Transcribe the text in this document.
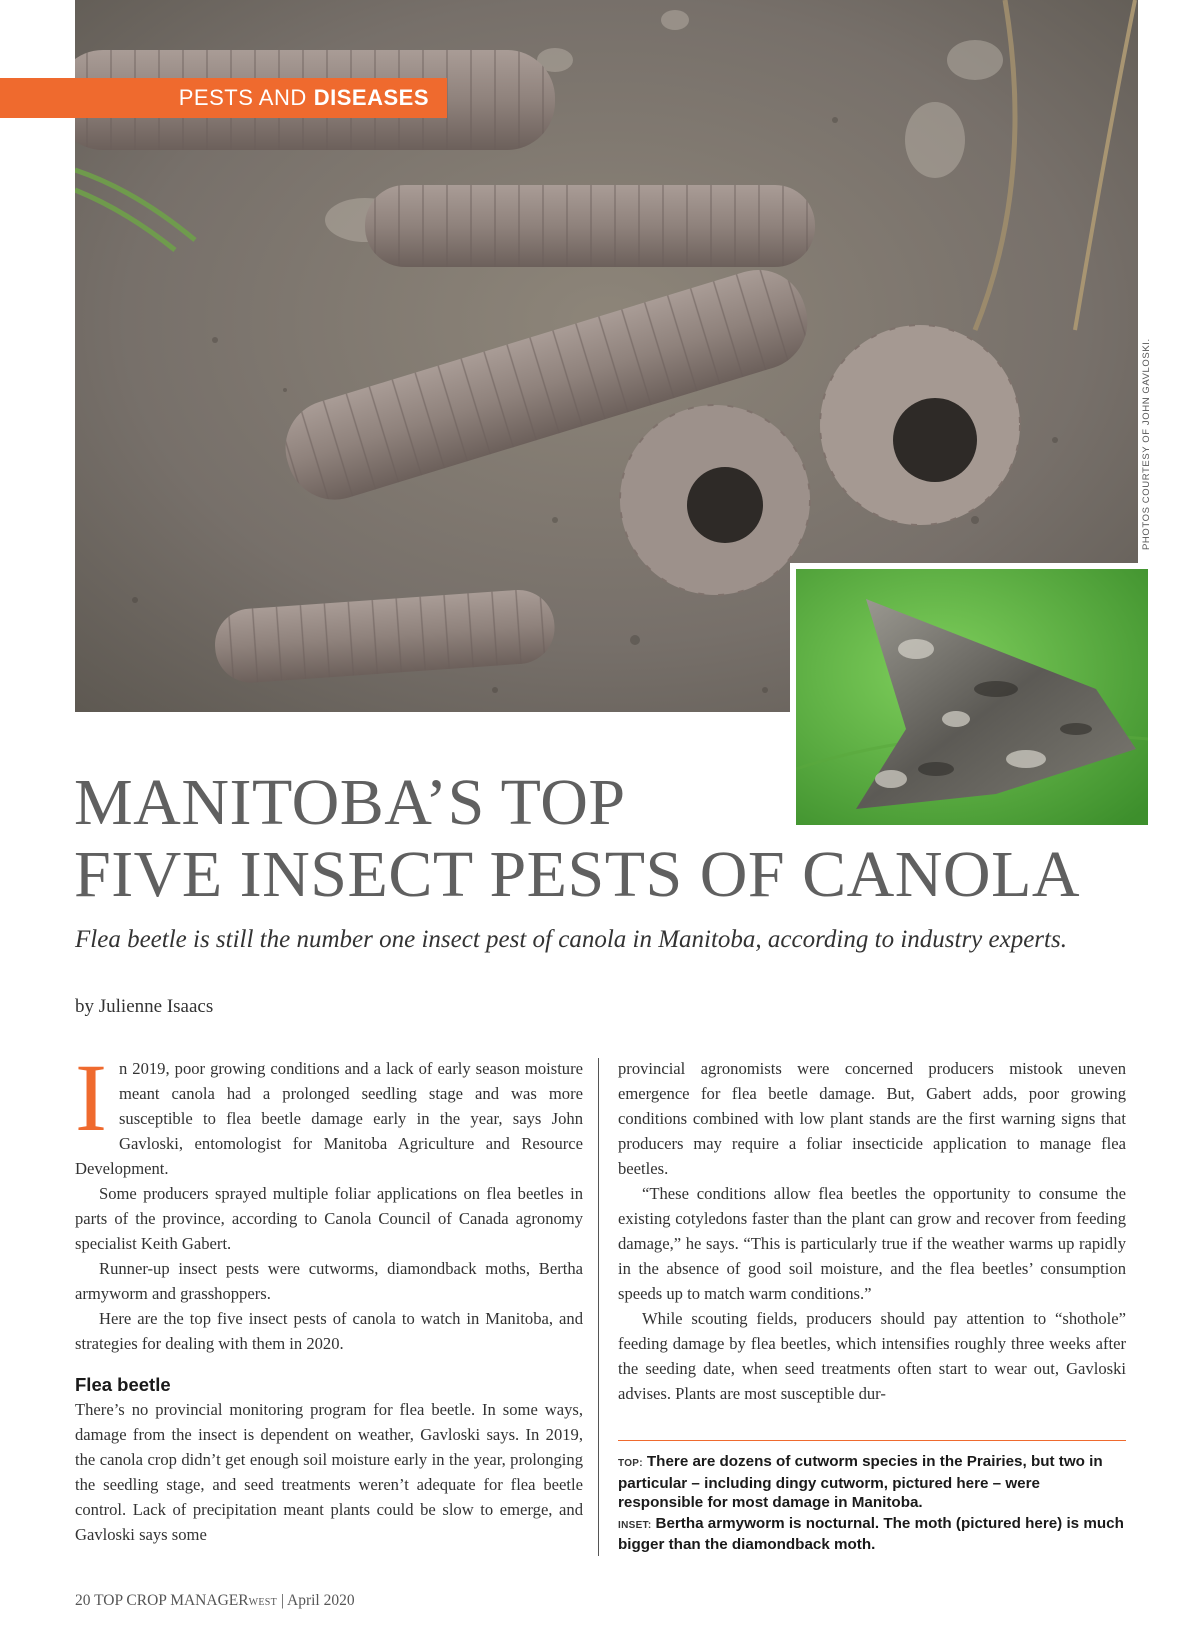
PHOTOS COURTESY OF JOHN GAVLOSKI.
PESTS AND DISEASES
MANITOBA’S TOP
FIVE INSECT PESTS OF CANOLA
Flea beetle is still the number one insect pest of canola in Manitoba, according to industry experts.
by Julienne Isaacs

In 2019, poor growing conditions and a lack of early season moisture meant canola had a prolonged seedling stage and was more susceptible to flea beetle damage early in the year, says John Gavloski, entomologist for Manitoba Agriculture and Resource Development.

Some producers sprayed multiple foliar applications on flea beetles in parts of the province, according to Canola Council of Canada agronomy specialist Keith Gabert.

Runner-up insect pests were cutworms, diamondback moths, Bertha armyworm and grasshoppers.

Here are the top five insect pests of canola to watch in Manitoba, and strategies for dealing with them in 2020.

Flea beetle

There’s no provincial monitoring program for flea beetle. In some ways, damage from the insect is dependent on weather, Gavloski says. In 2019, the canola crop didn’t get enough soil moisture early in the year, prolonging the seedling stage, and seed treatments weren’t adequate for flea beetle control. Lack of precipitation meant plants could be slow to emerge, and Gavloski says some

provincial agronomists were concerned producers mistook uneven emergence for flea beetle damage. But, Gabert adds, poor growing conditions combined with low plant stands are the first warning signs that producers may require a foliar insecticide application to manage flea beetles.

“These conditions allow flea beetles the opportunity to consume the existing cotyledons faster than the plant can grow and recover from feeding damage,” he says. “This is particularly true if the weather warms up rapidly in the absence of good soil moisture, and the flea beetles’ consumption speeds up to match warm conditions.”

While scouting fields, producers should pay attention to “shothole” feeding damage by flea beetles, which intensifies roughly three weeks after the seeding date, when seed treatments often start to wear out, Gavloski advises. Plants are most susceptible dur-

TOP: There are dozens of cutworm species in the Prairies, but two in particular – including dingy cutworm, pictured here – were responsible for most damage in Manitoba.

INSET: Bertha armyworm is nocturnal. The moth (pictured here) is much bigger than the diamondback moth.

20 TOP CROP MANAGERWEST | April 2020
